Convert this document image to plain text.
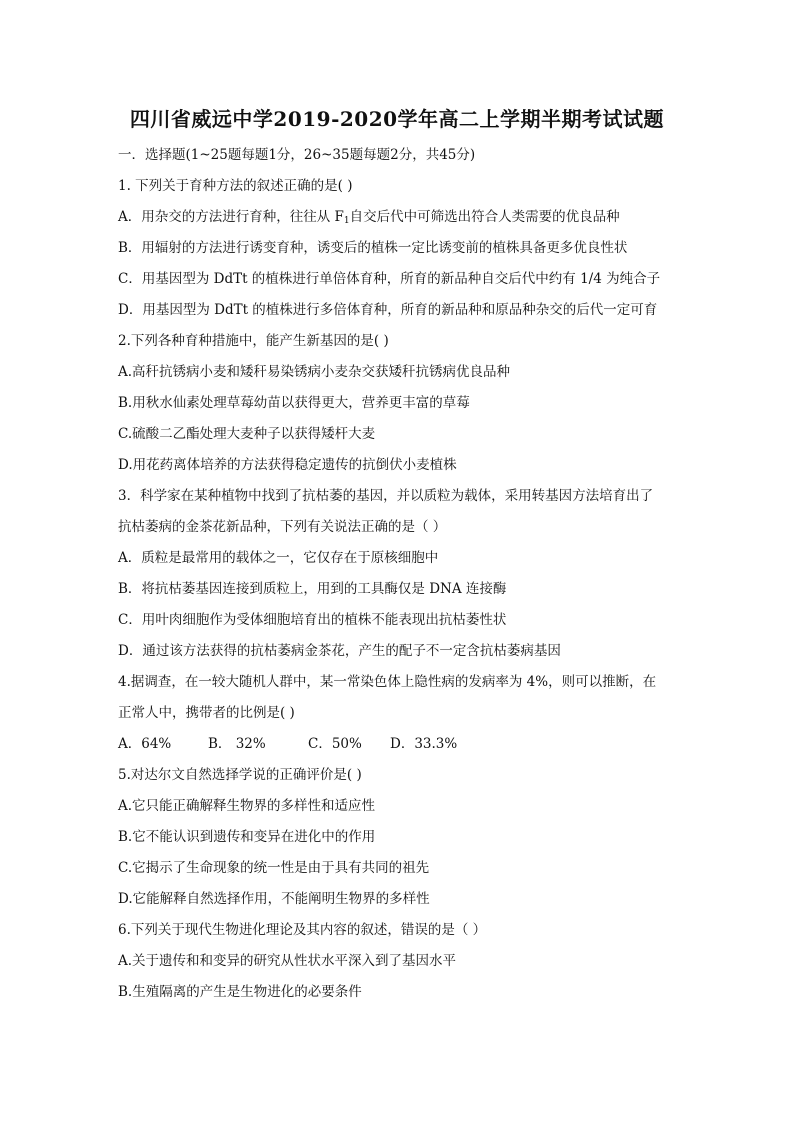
四川省威远中学2019-2020学年高二上学期半期考试试题
一．选择题(1~25题每题1分，26~35题每题2分，共45分)
1. 下列关于育种方法的叙述正确的是( )
A．用杂交的方法进行育种，往往从 $F_1$自交后代中可筛选出符合人类需要的优良品种
B．用辐射的方法进行诱变育种，诱变后的植株一定比诱变前的植株具备更多优良性状
C．用基因型为 DdTt 的植株进行单倍体育种，所育的新品种自交后代中约有 1/4 为纯合子
D．用基因型为 DdTt 的植株进行多倍体育种，所育的新品种和原品种杂交的后代一定可育
2.下列各种育种措施中，能产生新基因的是( )
A.高秆抗锈病小麦和矮秆易染锈病小麦杂交获矮秆抗锈病优良品种
B.用秋水仙素处理草莓幼苗以获得更大，营养更丰富的草莓
C.硫酸二乙酯处理大麦种子以获得矮杆大麦
D.用花药离体培养的方法获得稳定遗传的抗倒伏小麦植株
3．科学家在某种植物中找到了抗枯萎的基因，并以质粒为载体，采用转基因方法培育出了
抗枯萎病的金茶花新品种，下列有关说法正确的是（ ）
A．质粒是最常用的载体之一，它仅存在于原核细胞中
B．将抗枯萎基因连接到质粒上，用到的工具酶仅是 DNA 连接酶
C．用叶肉细胞作为受体细胞培育出的植株不能表现出抗枯萎性状
D．通过该方法获得的抗枯萎病金茶花，产生的配子不一定含抗枯萎病基因
4.据调查，在一较大随机人群中，某一常染色体上隐性病的发病率为 4%，则可以推断，在
正常人中，携带者的比例是( )
A．64%	B． 32%	C．50% D．33.3%
5.对达尔文自然选择学说的正确评价是( )
A.它只能正确解释生物界的多样性和适应性
B.它不能认识到遗传和变异在进化中的作用
C.它揭示了生命现象的统一性是由于具有共同的祖先
D.它能解释自然选择作用，不能阐明生物界的多样性
6.下列关于现代生物进化理论及其内容的叙述，错误的是（ ）
A.关于遗传和和变异的研究从性状水平深入到了基因水平
B.生殖隔离的产生是生物进化的必要条件
